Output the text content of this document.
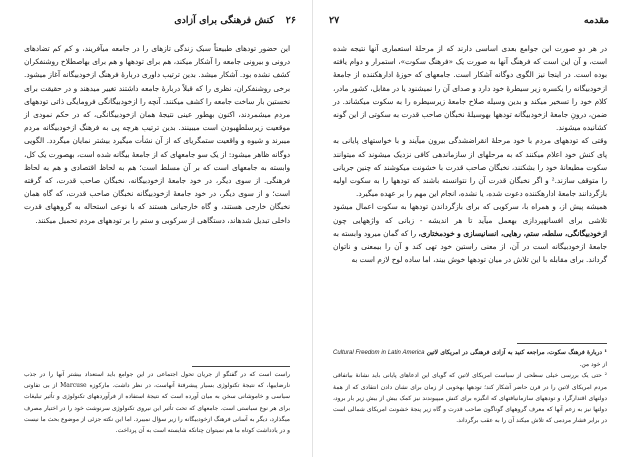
۲۶
کنش فرهنگی برای آزادی

این حضور تودهای طبیعتاً سبک زندگی تازهای را در جامعه میآفریند، و کم کم تضادهای درونی و بیرونی جامعه را آشکار میکند، هم برای تودهها و هم برای بهاصطلاح روشنفکران کشف نشده بود. آشکار میشد. بدین ترتیب داوری دربارهٔ فرهنگ ازخودبیگانه آغاز میشود. برخی روشنفکران، نظری را که قبلاً دربارهٔ جامعه داشتند تغییر میدهند و در حقیقت برای نخستین بار ساخت جامعه را کشف میکنند. آنچه را ازخودبیگانگی فرومایگی ذاتی تودههای مردم میشمردند، اکنون بهطور عینی نتیجهٔ همان ازخودبیگانگی، که در حکم نمودی از موقعیت زیرسلطهبودن است میبینند. بدین ترتیب هرچه پی به فرهنگ ازخودبیگانه مردم میبرند و شیوه و واقعیت ستمگریای که از آن نشأت میگیرد بیشتر نمایان میگردد. الگویی دوگانه ظاهر میشود: از یک سو جامعهای که از جامعهٔ بیگانه شده است، بهصورت یک کل، وابسته به جامعهای است که بر آن مسلط است؛ هم به لحاظ اقتصادی و هم به لحاظ فرهنگی. از سوی دیگر، در خود جامعهٔ ازخودبیگانه، نخبگان صاحب قدرت، که گرفته است؛ و از سوی دیگر، در خود جامعهٔ ازخودبیگانه نخبگان صاحب قدرت، که گاه همان نخبگان خارجی هستند، و گاه خارجیانی هستند که با نوعی استحاله به گروههای قدرت داخلی تبدیل شدهاند، دستگاهی از سرکوبی و ستم را بر تودههای مردم تحمیل میکنند.

راست است که در گفتگو از جریان تحول اجتماعی در این جوامع باید استعداد بیشتر آنها را در جذب نارضاییها، که نتیجهٔ تکنولوژی بسیار پیشرفتهٔ آنهاست، در نظر داشت. مارکوزه Marcuse از بی تفاوتی سیاسی و خاموشانی سخن به میان آورده است که نتیجهٔ استفاده از فرآوردههای تکنولوژی و تأثیر تبلیغات برای هر نوع سیاستی است. جامعهای که تحت تأثیر این نیروی تکنولوژی سرنوشت خود را در اختیار مصرف میگذارد، دیگر به آسانی فرهنگ ازخودبیگانه را زیر سؤال نمیبرد. اما این نکته جزئی از موضوع بحث ما نیست و در یادداشت کوتاه ما هم نمیتوان چنانکه شایسته است به آن پرداخت.

۲۷	مقدمه

در هر دو صورت این جوامع بعدی اساسی دارند که از مرحلهٔ استعماری آنها نتیجه شده است، و آن این است که فرهنگ آنها به صورت یک «فرهنگ سکوت»، استمرار و دوام یافته بوده است. در اینجا نیز الگوی دوگانه آشکار است. جامعهای که حوزهٔ ادارهکننده از جامعهٔ ازخودبیگانه را یکسره زیر سیطرهٔ خود دارد و صدای آن را نمیشنود یا در مقابل، کشور مادر، کلام خود را تسخیر میکند و بدین وسیله صلاح جامعهٔ زیرسیطره را به سکوت میکشاند. در ضمن، درونِ جامعهٔ ازخودبیگانه تودهها بهوسیلهٔ نخبگان صاحب قدرت به سکوتی از این گونه کشانیده میشوند.

وقتی که تودههای مردم با خود مرحلهٔ انقراضشدگی بیرون میآیند و با خواستهای پایانی به پای کنش خود اعلام میکنند که به مرحلهای از سازماندهی کافی نزدیک میشوند که میتوانند سکوت مطیعانهٔ خود را بشکنند، نخبگان صاحب قدرت با خشونت میکوشند که چنین جریانی را متوقف سازند.² و اگر نخبگان قدرت آن را نتوانسته باشند که تودهها را به سکوت اولیه بازگردانند جامعهٔ ادارهکننده دعوت شده، یا نشده، انجام این مهم را بر عهده میگیرد.

همیشه پیش از، و همراه با، سرکوبی که برای بازگرداندن تودهها به سکوت اعمال میشود تلاشی برای افسانهپردازی بهعمل میآید تا هر اندیشه - زبانی که واژههایی چون ازخودبیگانگی، سلطه، ستم، رهایی، انسانیسازی و خودمختاری، را که گمان میرود وابسته به جامعهٔ ازخودبیگانه است در آن، از معنی راستین خود تهی کند و آن را بیمعنی و ناتوان گرداند. برای مقابله با این تلاش در میان تودهها خوش بیند، اما ساده لوح لازم است به

¹ دربارهٔ فرهنگ سکوت، مراجعه کنید به آزادی فرهنگی در امریکای لاتین Cultural Freedom in Latin America از خود من.

² حتی یک بررسی خیلی سطحی از سیاست امریکای لاتین که گویای این ادعاهای پایانی باید نشانهٔ بیاتفاقی مردم امریکای لاتین را در قرن حاضر آشکار کند؛ تودهها بهخوبی از زمان برای نشان دادن انتقادی که از همهٔ دولتهای اقتدارگرا، و تودههای سازمانیافتهای که انگیزه برای کنش میپیوندند نیز کمک بیش از بیش زیر بار برود، دولتها نیز به زعم آنها که معرف گروههای گوناگون صاحب قدرت و گاه زیر پنجهٔ خشونت امریکای شمالی است در برابر فشار مردمی که تلاش میکند آن را به عقب برگرداند.
